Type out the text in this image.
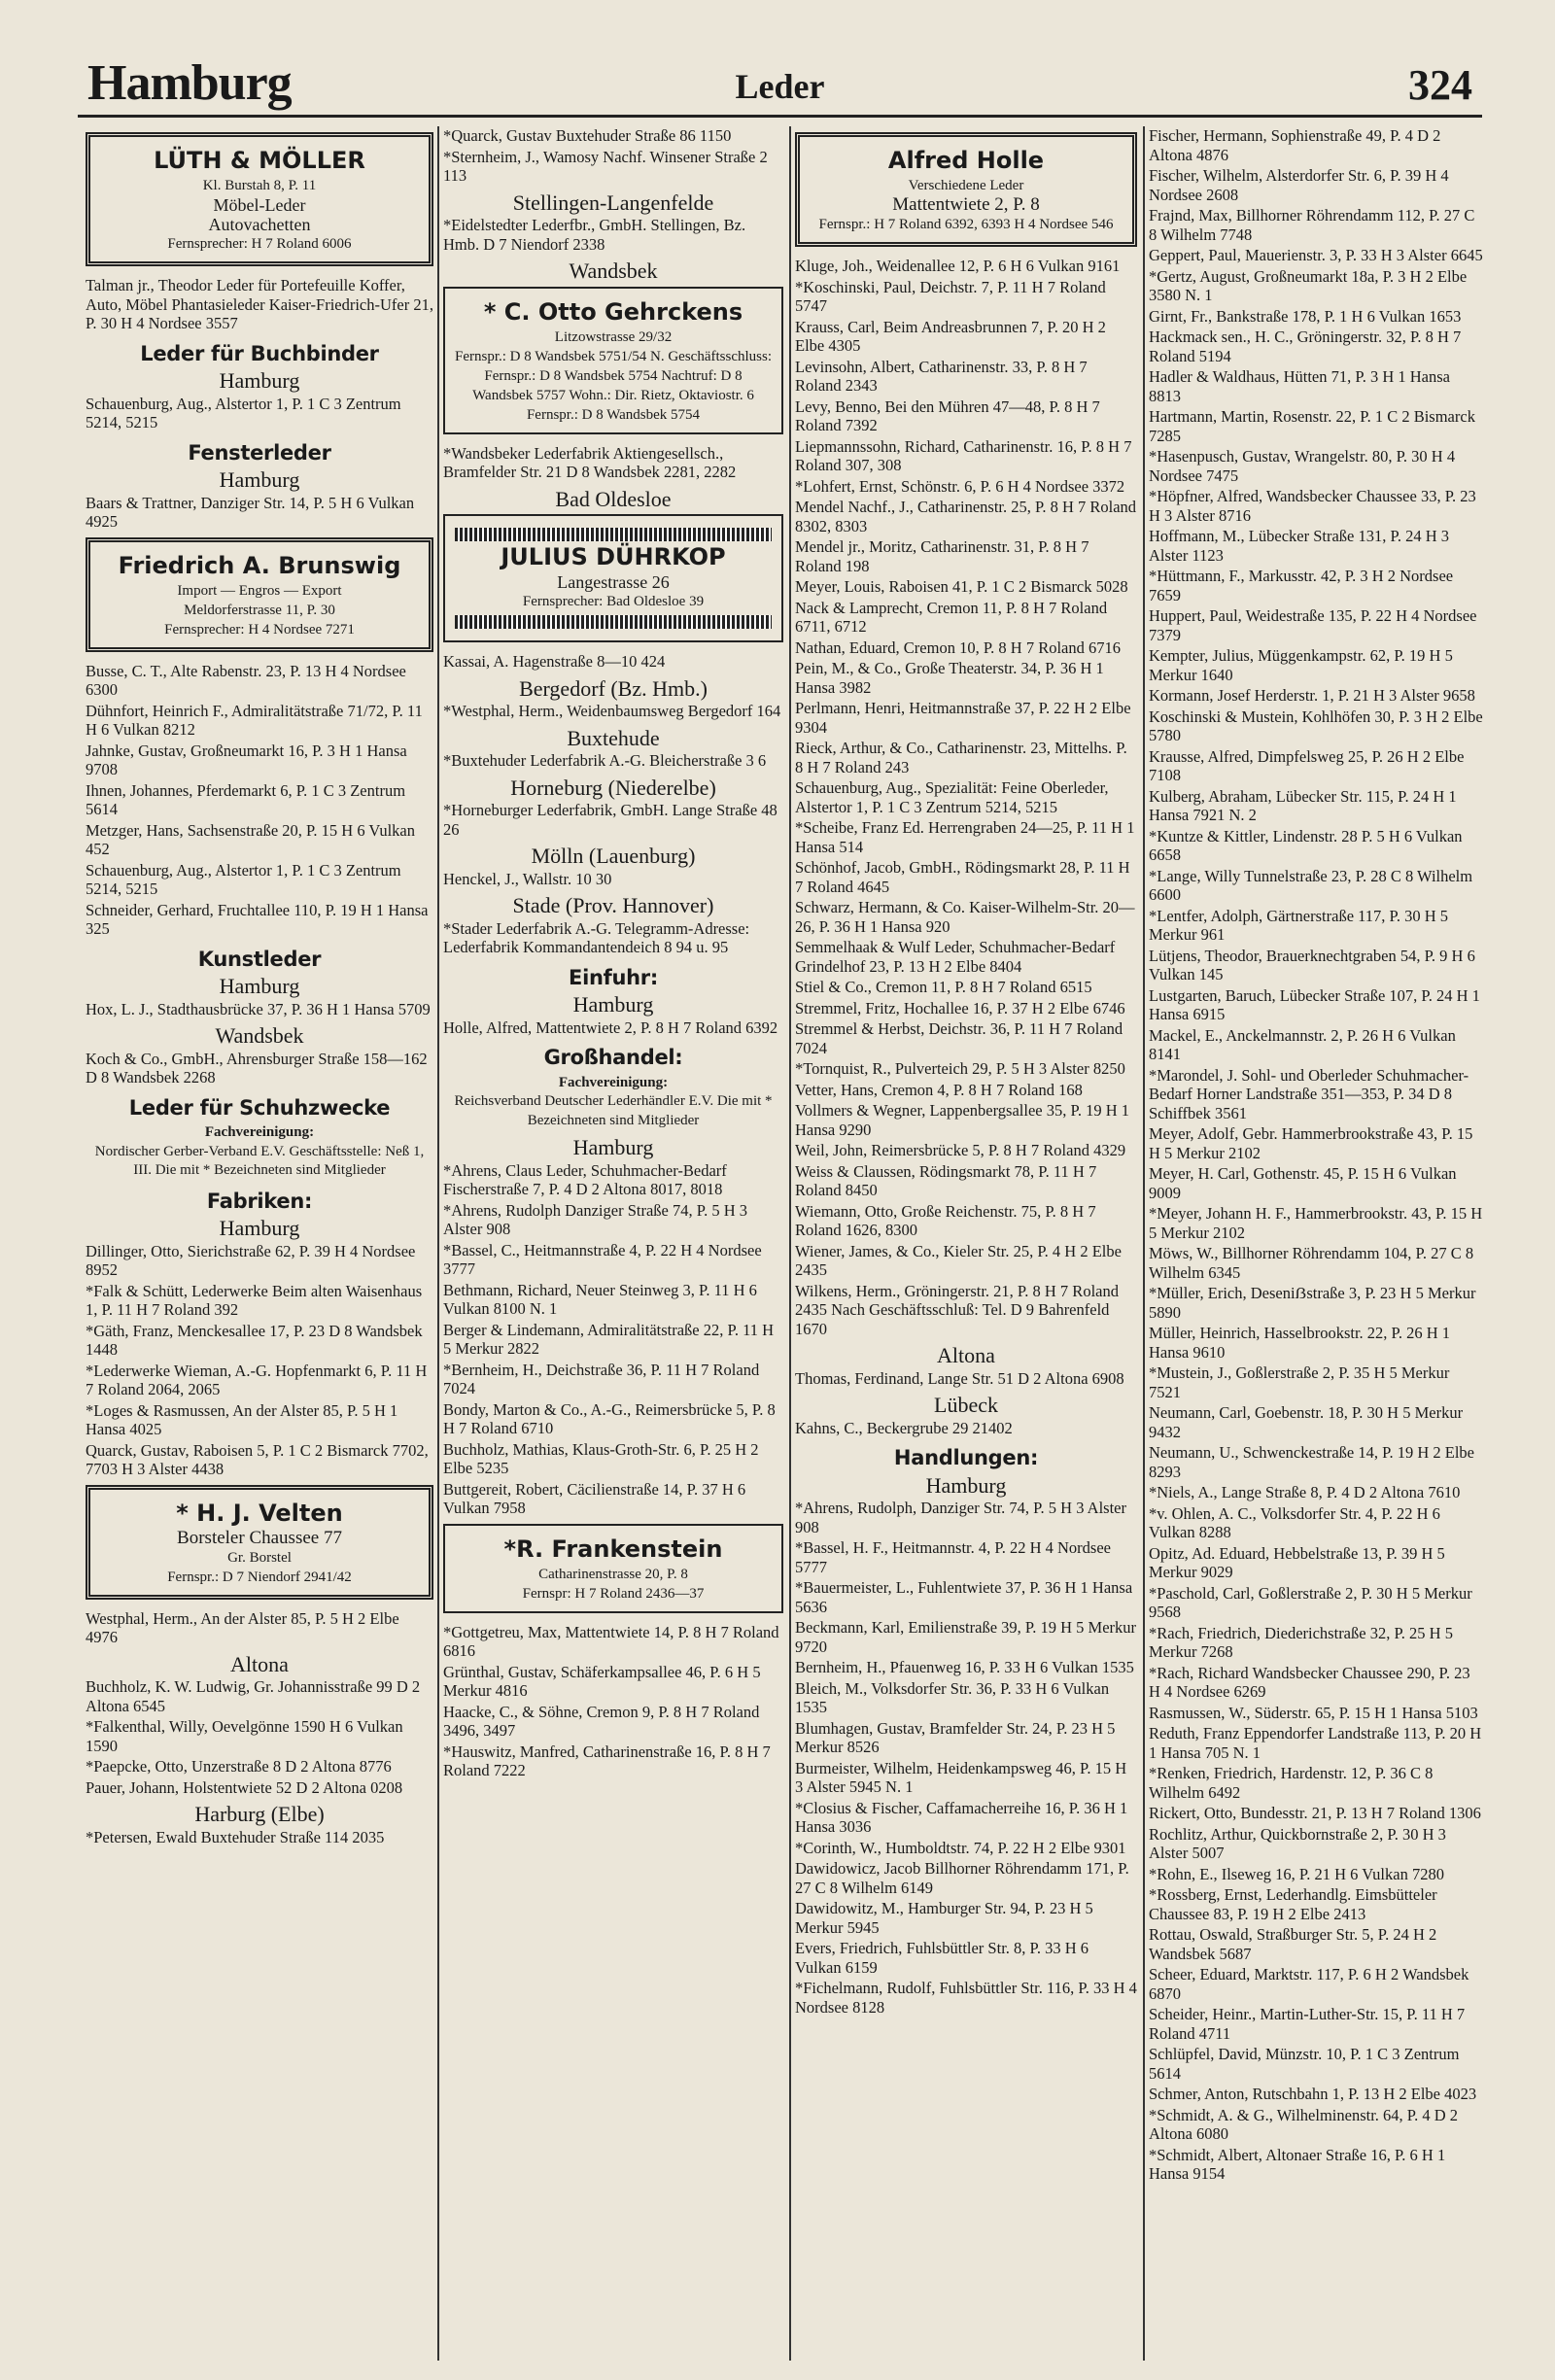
Hamburg	Leder	324
LÜTH & MÖLLER
Kl. Burstah 8, P. 11
Möbel-Leder
Autovachetten
Fernsprecher: H 7 Roland 6006

Talman jr., Theodor Leder für Portefeuille Koffer, Auto, Möbel Phantasieleder Kaiser-Friedrich-Ufer 21, P. 30 H 4 Nordsee 3557

Leder für Buchbinder
Hamburg

Schauenburg, Aug., Alstertor 1, P. 1 C 3 Zentrum 5214, 5215

Fensterleder
Hamburg

Baars & Trattner, Danziger Str. 14, P. 5 H 6 Vulkan 4925

Friedrich A. Brunswig
Import — Engros — Export
Meldorferstrasse 11, P. 30
Fernsprecher: H 4 Nordsee 7271

Busse, C. T., Alte Rabenstr. 23, P. 13 H 4 Nordsee 6300

Dühnfort, Heinrich F., Admiralitätstraße 71/72, P. 11 H 6 Vulkan 8212

Jahnke, Gustav, Großneumarkt 16, P. 3 H 1 Hansa 9708

Ihnen, Johannes, Pferdemarkt 6, P. 1 C 3 Zentrum 5614

Metzger, Hans, Sachsenstraße 20, P. 15 H 6 Vulkan 452

Schauenburg, Aug., Alstertor 1, P. 1 C 3 Zentrum 5214, 5215

Schneider, Gerhard, Fruchtallee 110, P. 19 H 1 Hansa 325

Kunstleder
Hamburg

Hox, L. J., Stadthausbrücke 37, P. 36 H 1 Hansa 5709

Wandsbek

Koch & Co., GmbH., Ahrensburger Straße 158—162 D 8 Wandsbek 2268

Leder für Schuhzwecke
Fachvereinigung:
Nordischer Gerber-Verband E.V. Geschäftsstelle: Neß 1, III. Die mit * Bezeichneten sind Mitglieder
Fabriken:
Hamburg

Dillinger, Otto, Sierichstraße 62, P. 39 H 4 Nordsee 8952

*Falk & Schütt, Lederwerke Beim alten Waisenhaus 1, P. 11 H 7 Roland 392

*Gäth, Franz, Menckesallee 17, P. 23 D 8 Wandsbek 1448

*Lederwerke Wieman, A.-G. Hopfenmarkt 6, P. 11 H 7 Roland 2064, 2065

*Loges & Rasmussen, An der Alster 85, P. 5 H 1 Hansa 4025

Quarck, Gustav, Raboisen 5, P. 1 C 2 Bismarck 7702, 7703 H 3 Alster 4438

* H. J. Velten
Borsteler Chaussee 77
Gr. Borstel
Fernspr.: D 7 Niendorf 2941/42

Westphal, Herm., An der Alster 85, P. 5 H 2 Elbe 4976

Altona

Buchholz, K. W. Ludwig, Gr. Johannisstraße 99 D 2 Altona 6545

*Falkenthal, Willy, Oevelgönne 1590 H 6 Vulkan 1590

*Paepcke, Otto, Unzerstraße 8 D 2 Altona 8776

Pauer, Johann, Holstentwiete 52 D 2 Altona 0208

Harburg (Elbe)

*Petersen, Ewald Buxtehuder Straße 114 2035

*Quarck, Gustav Buxtehuder Straße 86 1150

*Sternheim, J., Wamosy Nachf. Winsener Straße 2 113

Stellingen-Langenfelde

*Eidelstedter Lederfbr., GmbH. Stellingen, Bz. Hmb. D 7 Niendorf 2338

Wandsbek
* C. Otto Gehrckens
Litzowstrasse 29/32
Fernspr.: D 8 Wandsbek 5751/54 N. Geschäftsschluss: Fernspr.: D 8 Wandsbek 5754 Nachtruf: D 8 Wandsbek 5757 Wohn.: Dir. Rietz, Oktaviostr. 6 Fernspr.: D 8 Wandsbek 5754

*Wandsbeker Lederfabrik Aktiengesellsch., Bramfelder Str. 21 D 8 Wandsbek 2281, 2282

Bad Oldesloe
JULIUS DÜHRKOP
Langestrasse 26
Fernsprecher: Bad Oldesloe 39

Kassai, A. Hagenstraße 8—10 424

Bergedorf (Bz. Hmb.)

*Westphal, Herm., Weidenbaumsweg Bergedorf 164

Buxtehude

*Buxtehuder Lederfabrik A.-G. Bleicherstraße 3 6

Horneburg (Niederelbe)

*Horneburger Lederfabrik, GmbH. Lange Straße 48 26

Mölln (Lauenburg)

Henckel, J., Wallstr. 10 30

Stade (Prov. Hannover)

*Stader Lederfabrik A.-G. Telegramm-Adresse: Lederfabrik Kommandantendeich 8 94 u. 95

Einfuhr:
Hamburg

Holle, Alfred, Mattentwiete 2, P. 8 H 7 Roland 6392

Großhandel:
Fachvereinigung:
Reichsverband Deutscher Lederhändler E.V. Die mit * Bezeichneten sind Mitglieder
Hamburg

*Ahrens, Claus Leder, Schuhmacher-Bedarf Fischerstraße 7, P. 4 D 2 Altona 8017, 8018

*Ahrens, Rudolph Danziger Straße 74, P. 5 H 3 Alster 908

*Bassel, C., Heitmannstraße 4, P. 22 H 4 Nordsee 3777

Bethmann, Richard, Neuer Steinweg 3, P. 11 H 6 Vulkan 8100 N. 1

Berger & Lindemann, Admiralitätstraße 22, P. 11 H 5 Merkur 2822

*Bernheim, H., Deichstraße 36, P. 11 H 7 Roland 7024

Bondy, Marton & Co., A.-G., Reimersbrücke 5, P. 8 H 7 Roland 6710

Buchholz, Mathias, Klaus-Groth-Str. 6, P. 25 H 2 Elbe 5235

Buttgereit, Robert, Cäcilienstraße 14, P. 37 H 6 Vulkan 7958

*R. Frankenstein
Catharinenstrasse 20, P. 8
Fernspr: H 7 Roland 2436—37

*Gottgetreu, Max, Mattentwiete 14, P. 8 H 7 Roland 6816

Grünthal, Gustav, Schäferkampsallee 46, P. 6 H 5 Merkur 4816

Haacke, C., & Söhne, Cremon 9, P. 8 H 7 Roland 3496, 3497

*Hauswitz, Manfred, Catharinenstraße 16, P. 8 H 7 Roland 7222

Alfred Holle
Verschiedene Leder
Mattentwiete 2, P. 8
Fernspr.: H 7 Roland 6392, 6393 H 4 Nordsee 546

Kluge, Joh., Weidenallee 12, P. 6 H 6 Vulkan 9161

*Koschinski, Paul, Deichstr. 7, P. 11 H 7 Roland 5747

Krauss, Carl, Beim Andreasbrunnen 7, P. 20 H 2 Elbe 4305

Levinsohn, Albert, Catharinenstr. 33, P. 8 H 7 Roland 2343

Levy, Benno, Bei den Mühren 47—48, P. 8 H 7 Roland 7392

Liepmannssohn, Richard, Catharinenstr. 16, P. 8 H 7 Roland 307, 308

*Lohfert, Ernst, Schönstr. 6, P. 6 H 4 Nordsee 3372

Mendel Nachf., J., Catharinenstr. 25, P. 8 H 7 Roland 8302, 8303

Mendel jr., Moritz, Catharinenstr. 31, P. 8 H 7 Roland 198

Meyer, Louis, Raboisen 41, P. 1 C 2 Bismarck 5028

Nack & Lamprecht, Cremon 11, P. 8 H 7 Roland 6711, 6712

Nathan, Eduard, Cremon 10, P. 8 H 7 Roland 6716

Pein, M., & Co., Große Theaterstr. 34, P. 36 H 1 Hansa 3982

Perlmann, Henri, Heitmannstraße 37, P. 22 H 2 Elbe 9304

Rieck, Arthur, & Co., Catharinenstr. 23, Mittelhs. P. 8 H 7 Roland 243

Schauenburg, Aug., Spezialität: Feine Oberleder, Alstertor 1, P. 1 C 3 Zentrum 5214, 5215

*Scheibe, Franz Ed. Herrengraben 24—25, P. 11 H 1 Hansa 514

Schönhof, Jacob, GmbH., Rödingsmarkt 28, P. 11 H 7 Roland 4645

Schwarz, Hermann, & Co. Kaiser-Wilhelm-Str. 20—26, P. 36 H 1 Hansa 920

Semmelhaak & Wulf Leder, Schuhmacher-Bedarf Grindelhof 23, P. 13 H 2 Elbe 8404

Stiel & Co., Cremon 11, P. 8 H 7 Roland 6515

Stremmel, Fritz, Hochallee 16, P. 37 H 2 Elbe 6746

Stremmel & Herbst, Deichstr. 36, P. 11 H 7 Roland 7024

*Tornquist, R., Pulverteich 29, P. 5 H 3 Alster 8250

Vetter, Hans, Cremon 4, P. 8 H 7 Roland 168

Vollmers & Wegner, Lappenbergsallee 35, P. 19 H 1 Hansa 9290

Weil, John, Reimersbrücke 5, P. 8 H 7 Roland 4329

Weiss & Claussen, Rödingsmarkt 78, P. 11 H 7 Roland 8450

Wiemann, Otto, Große Reichenstr. 75, P. 8 H 7 Roland 1626, 8300

Wiener, James, & Co., Kieler Str. 25, P. 4 H 2 Elbe 2435

Wilkens, Herm., Gröningerstr. 21, P. 8 H 7 Roland 2435 Nach Geschäftsschluß: Tel. D 9 Bahrenfeld 1670

Altona

Thomas, Ferdinand, Lange Str. 51 D 2 Altona 6908

Lübeck

Kahns, C., Beckergrube 29 21402

Handlungen:
Hamburg

*Ahrens, Rudolph, Danziger Str. 74, P. 5 H 3 Alster 908

*Bassel, H. F., Heitmannstr. 4, P. 22 H 4 Nordsee 5777

*Bauermeister, L., Fuhlentwiete 37, P. 36 H 1 Hansa 5636

Beckmann, Karl, Emilienstraße 39, P. 19 H 5 Merkur 9720

Bernheim, H., Pfauenweg 16, P. 33 H 6 Vulkan 1535

Bleich, M., Volksdorfer Str. 36, P. 33 H 6 Vulkan 1535

Blumhagen, Gustav, Bramfelder Str. 24, P. 23 H 5 Merkur 8526

Burmeister, Wilhelm, Heidenkampsweg 46, P. 15 H 3 Alster 5945 N. 1

*Closius & Fischer, Caffamacherreihe 16, P. 36 H 1 Hansa 3036

*Corinth, W., Humboldtstr. 74, P. 22 H 2 Elbe 9301

Dawidowicz, Jacob Billhorner Röhrendamm 171, P. 27 C 8 Wilhelm 6149

Dawidowitz, M., Hamburger Str. 94, P. 23 H 5 Merkur 5945

Evers, Friedrich, Fuhlsbüttler Str. 8, P. 33 H 6 Vulkan 6159

*Fichelmann, Rudolf, Fuhlsbüttler Str. 116, P. 33 H 4 Nordsee 8128

Fischer, Hermann, Sophienstraße 49, P. 4 D 2 Altona 4876

Fischer, Wilhelm, Alsterdorfer Str. 6, P. 39 H 4 Nordsee 2608

Frajnd, Max, Billhorner Röhrendamm 112, P. 27 C 8 Wilhelm 7748

Geppert, Paul, Mauerienstr. 3, P. 33 H 3 Alster 6645

*Gertz, August, Großneumarkt 18a, P. 3 H 2 Elbe 3580 N. 1

Girnt, Fr., Bankstraße 178, P. 1 H 6 Vulkan 1653

Hackmack sen., H. C., Gröningerstr. 32, P. 8 H 7 Roland 5194

Hadler & Waldhaus, Hütten 71, P. 3 H 1 Hansa 8813

Hartmann, Martin, Rosenstr. 22, P. 1 C 2 Bismarck 7285

*Hasenpusch, Gustav, Wrangelstr. 80, P. 30 H 4 Nordsee 7475

*Höpfner, Alfred, Wandsbecker Chaussee 33, P. 23 H 3 Alster 8716

Hoffmann, M., Lübecker Straße 131, P. 24 H 3 Alster 1123

*Hüttmann, F., Markusstr. 42, P. 3 H 2 Nordsee 7659

Huppert, Paul, Weidestraße 135, P. 22 H 4 Nordsee 7379

Kempter, Julius, Müggenkampstr. 62, P. 19 H 5 Merkur 1640

Kormann, Josef Herderstr. 1, P. 21 H 3 Alster 9658

Koschinski & Mustein, Kohlhöfen 30, P. 3 H 2 Elbe 5780

Krausse, Alfred, Dimpfelsweg 25, P. 26 H 2 Elbe 7108

Kulberg, Abraham, Lübecker Str. 115, P. 24 H 1 Hansa 7921 N. 2

*Kuntze & Kittler, Lindenstr. 28 P. 5 H 6 Vulkan 6658

*Lange, Willy Tunnelstraße 23, P. 28 C 8 Wilhelm 6600

*Lentfer, Adolph, Gärtnerstraße 117, P. 30 H 5 Merkur 961

Lütjens, Theodor, Brauerknechtgraben 54, P. 9 H 6 Vulkan 145

Lustgarten, Baruch, Lübecker Straße 107, P. 24 H 1 Hansa 6915

Mackel, E., Anckelmannstr. 2, P. 26 H 6 Vulkan 8141

*Marondel, J. Sohl- und Oberleder Schuhmacher-Bedarf Horner Landstraße 351—353, P. 34 D 8 Schiffbek 3561

Meyer, Adolf, Gebr. Hammerbrookstraße 43, P. 15 H 5 Merkur 2102

Meyer, H. Carl, Gothenstr. 45, P. 15 H 6 Vulkan 9009

*Meyer, Johann H. F., Hammerbrookstr. 43, P. 15 H 5 Merkur 2102

Möws, W., Billhorner Röhrendamm 104, P. 27 C 8 Wilhelm 6345

*Müller, Erich, Deseniẞstraße 3, P. 23 H 5 Merkur 5890

Müller, Heinrich, Hasselbrookstr. 22, P. 26 H 1 Hansa 9610

*Mustein, J., Goßlerstraße 2, P. 35 H 5 Merkur 7521

Neumann, Carl, Goebenstr. 18, P. 30 H 5 Merkur 9432

Neumann, U., Schwenckestraße 14, P. 19 H 2 Elbe 8293

*Niels, A., Lange Straße 8, P. 4 D 2 Altona 7610

*v. Ohlen, A. C., Volksdorfer Str. 4, P. 22 H 6 Vulkan 8288

Opitz, Ad. Eduard, Hebbelstraße 13, P. 39 H 5 Merkur 9029

*Paschold, Carl, Goßlerstraße 2, P. 30 H 5 Merkur 9568

*Rach, Friedrich, Diederichstraße 32, P. 25 H 5 Merkur 7268

*Rach, Richard Wandsbecker Chaussee 290, P. 23 H 4 Nordsee 6269

Rasmussen, W., Süderstr. 65, P. 15 H 1 Hansa 5103

Reduth, Franz Eppendorfer Landstraße 113, P. 20 H 1 Hansa 705 N. 1

*Renken, Friedrich, Hardenstr. 12, P. 36 C 8 Wilhelm 6492

Rickert, Otto, Bundesstr. 21, P. 13 H 7 Roland 1306

Rochlitz, Arthur, Quickbornstraße 2, P. 30 H 3 Alster 5007

*Rohn, E., Ilseweg 16, P. 21 H 6 Vulkan 7280

*Rossberg, Ernst, Lederhandlg. Eimsbütteler Chaussee 83, P. 19 H 2 Elbe 2413

Rottau, Oswald, Straßburger Str. 5, P. 24 H 2 Wandsbek 5687

Scheer, Eduard, Marktstr. 117, P. 6 H 2 Wandsbek 6870

Scheider, Heinr., Martin-Luther-Str. 15, P. 11 H 7 Roland 4711

Schlüpfel, David, Münzstr. 10, P. 1 C 3 Zentrum 5614

Schmer, Anton, Rutschbahn 1, P. 13 H 2 Elbe 4023

*Schmidt, A. & G., Wilhelminenstr. 64, P. 4 D 2 Altona 6080

*Schmidt, Albert, Altonaer Straße 16, P. 6 H 1 Hansa 9154
